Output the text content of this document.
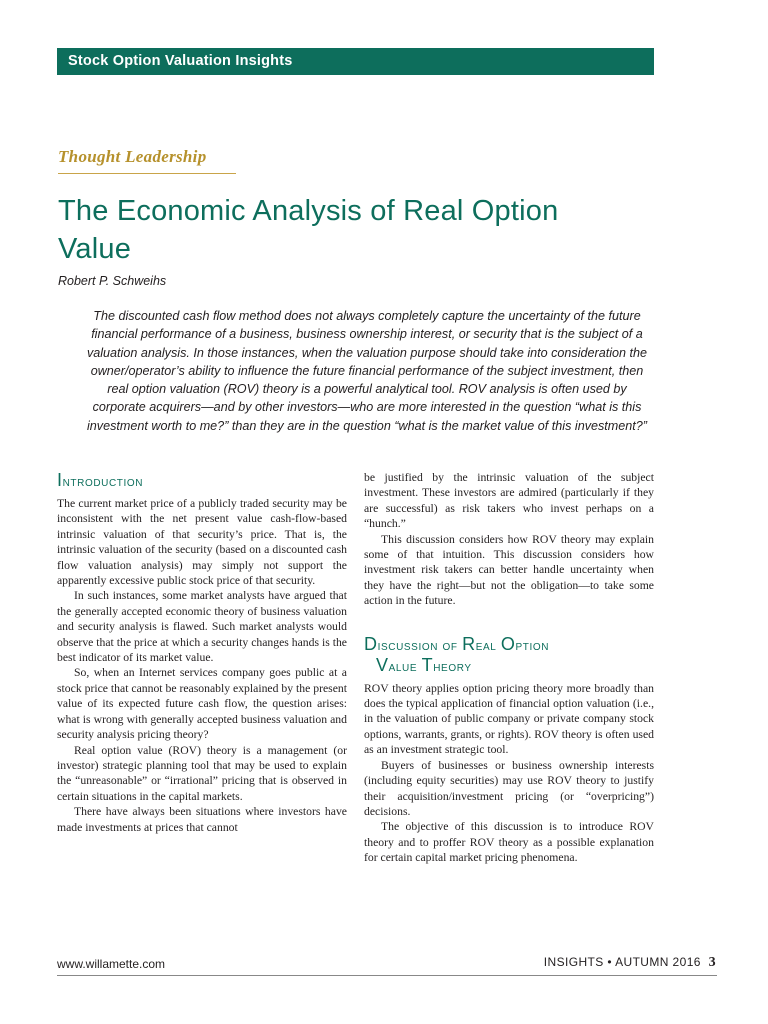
Stock Option Valuation Insights
Thought Leadership
The Economic Analysis of Real Option Value
Robert P. Schweihs

The discounted cash flow method does not always completely capture the uncertainty of the future financial performance of a business, business ownership interest, or security that is the subject of a valuation analysis. In those instances, when the valuation purpose should take into consideration the owner/operator’s ability to influence the future financial performance of the subject investment, then real option valuation (ROV) theory is a powerful analytical tool. ROV analysis is often used by corporate acquirers—and by other investors—who are more interested in the question “what is this investment worth to me?” than they are in the question “what is the market value of this investment?”

Introduction

The current market price of a publicly traded security may be inconsistent with the net present value cash-flow-based intrinsic valuation of that security’s price. That is, the intrinsic valuation of the security (based on a discounted cash flow valuation analysis) may simply not support the apparently excessive public stock price of that security.

In such instances, some market analysts have argued that the generally accepted economic theory of business valuation and security analysis is flawed. Such market analysts would observe that the price at which a security changes hands is the best indicator of its market value.

So, when an Internet services company goes public at a stock price that cannot be reasonably explained by the present value of its expected future cash flow, the question arises: what is wrong with generally accepted business valuation and security analysis pricing theory?

Real option value (ROV) theory is a management (or investor) strategic planning tool that may be used to explain the “unreasonable” or “irrational” pricing that is observed in certain situations in the capital markets.

There have always been situations where investors have made investments at prices that cannot

be justified by the intrinsic valuation of the subject investment. These investors are admired (particularly if they are successful) as risk takers who invest perhaps on a “hunch.”

This discussion considers how ROV theory may explain some of that intuition. This discussion considers how investment risk takers can better handle uncertainty when they have the right—but not the obligation—to take some action in the future.

Discussion of Real Option
Value Theory

ROV theory applies option pricing theory more broadly than does the typical application of financial option valuation (i.e., in the valuation of public company or private company stock options, warrants, grants, or rights). ROV theory is often used as an investment strategic tool.

Buyers of businesses or business ownership interests (including equity securities) may use ROV theory to justify their acquisition/investment pricing (or “overpricing”) decisions.

The objective of this discussion is to introduce ROV theory and to proffer ROV theory as a possible explanation for certain capital market pricing phenomena.

www.willamette.com	INSIGHTS • AUTUMN 2016 3
